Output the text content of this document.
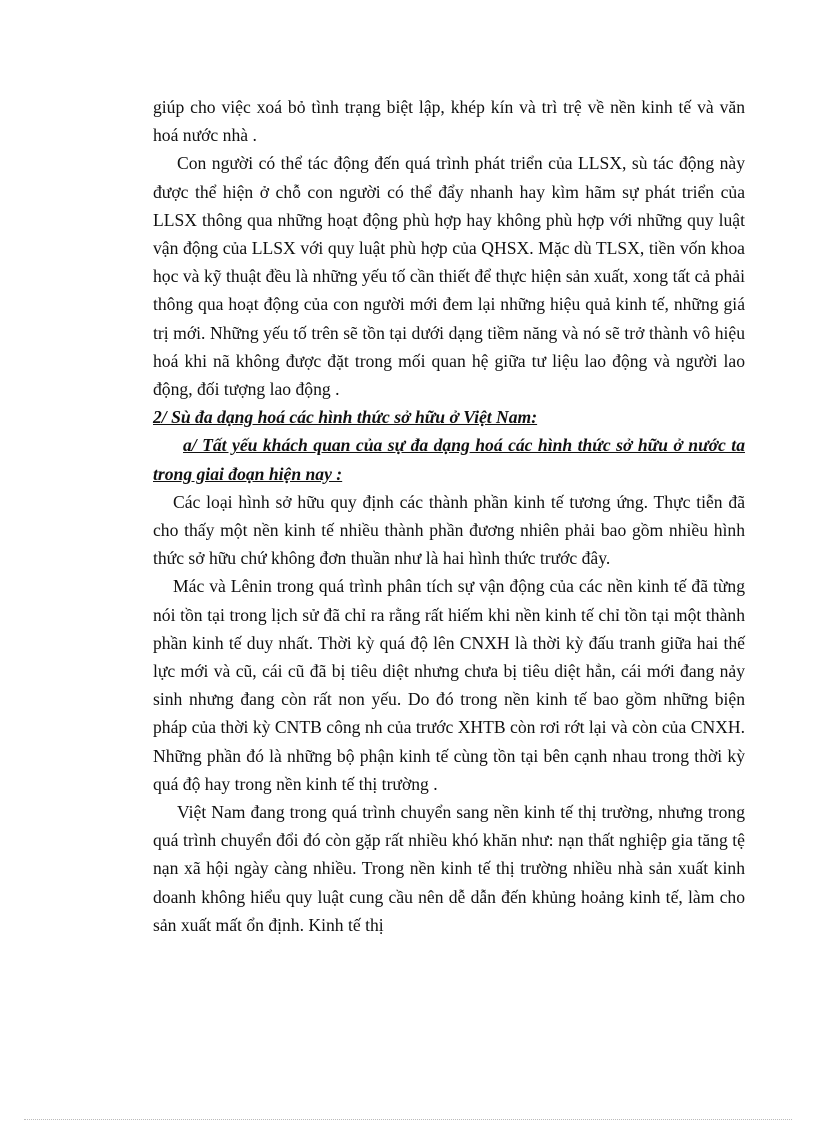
giúp cho việc xoá bỏ tình trạng biệt lập, khép kín và trì trệ về nền kinh tế và văn hoá nước nhà .

Con người có thể tác động đến quá trình phát triển của LLSX, sù tác động này được thể hiện ở chỗ con người có thể đẩy nhanh hay kìm hãm sự phát triển của LLSX thông qua những hoạt động phù hợp hay không phù hợp với những quy luật vận động của LLSX với quy luật phù hợp của QHSX. Mặc dù TLSX, tiền vốn khoa học và kỹ thuật đều là những yếu tố cần thiết để thực hiện sản xuất, xong tất cả phải thông qua hoạt động của con người mới đem lại những hiệu quả kinh tế, những giá trị mới. Những yếu tố trên sẽ tồn tại dưới dạng tiềm năng và nó sẽ trở thành vô hiệu hoá khi nã không được đặt trong mối quan hệ giữa tư liệu lao động và người lao động, đối tượng lao động .

2/ Sù đa dạng hoá các hình thức sở hữu ở Việt Nam:

a/ Tất yếu khách quan của sự đa dạng hoá các hình thức sở hữu ở nước ta trong giai đoạn hiện nay :

Các loại hình sở hữu quy định các thành phần kinh tế tương ứng. Thực tiễn đã cho thấy một nền kinh tế nhiều thành phần đương nhiên phải bao gồm nhiều hình thức sở hữu chứ không đơn thuần như là hai hình thức trước đây.

Mác và Lênin trong quá trình phân tích sự vận động của các nền kinh tế đã từng nói tồn tại trong lịch sử đã chỉ ra rằng rất hiếm khi nền kinh tế chỉ tồn tại một thành phần kinh tế duy nhất. Thời kỳ quá độ lên CNXH là thời kỳ đấu tranh giữa hai thế lực mới và cũ, cái cũ đã bị tiêu diệt nhưng chưa bị tiêu diệt hẳn, cái mới đang nảy sinh nhưng đang còn rất non yếu. Do đó trong nền kinh tế bao gồm những biện pháp của thời kỳ CNTB công nh của trước XHTB còn rơi rớt lại và còn của CNXH. Những phần đó là những bộ phận kinh tế cùng tồn tại bên cạnh nhau trong thời kỳ quá độ hay trong nền kinh tế thị trường .

Việt Nam đang trong quá trình chuyển sang nền kinh tế thị trường, nhưng trong quá trình chuyển đổi đó còn gặp rất nhiều khó khăn như: nạn thất nghiệp gia tăng tệ nạn xã hội ngày càng nhiều. Trong nền kinh tế thị trường nhiều nhà sản xuất kinh doanh không hiểu quy luật cung cầu nên dễ dẫn đến khủng hoảng kinh tế, làm cho sản xuất mất ổn định. Kinh tế thị
